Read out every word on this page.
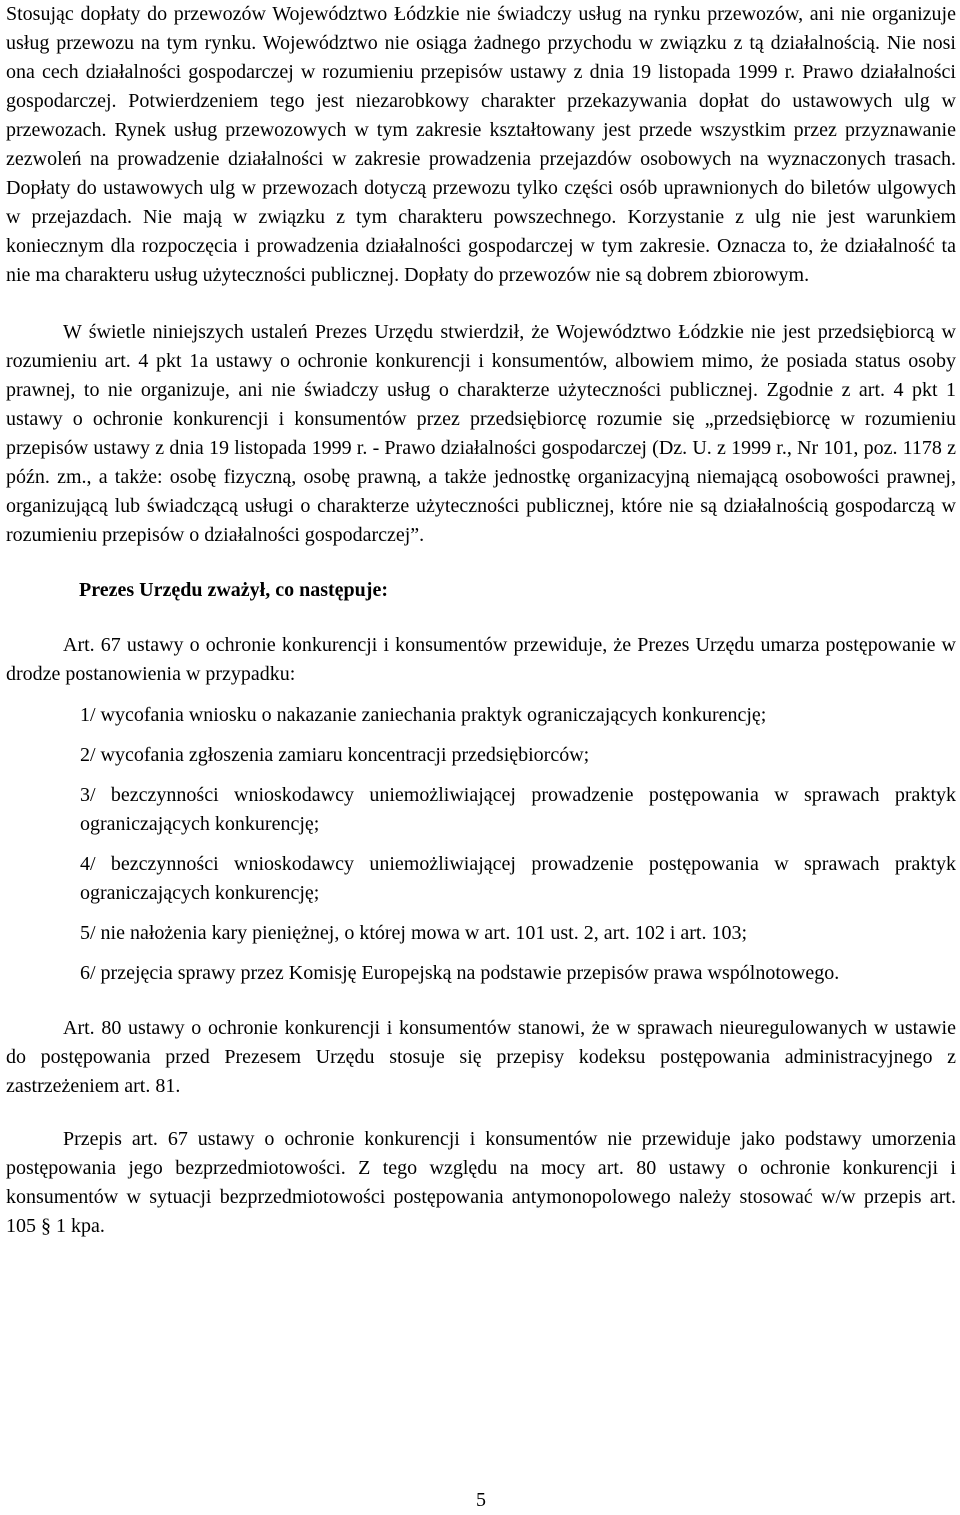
Stosując dopłaty do przewozów Województwo Łódzkie nie świadczy usług na rynku przewozów, ani nie organizuje usług przewozu na tym rynku. Województwo nie osiąga żadnego przychodu w związku z tą działalnością. Nie nosi ona cech działalności gospodarczej w rozumieniu przepisów ustawy z dnia 19 listopada 1999 r. Prawo działalności gospodarczej. Potwierdzeniem tego jest niezarobkowy charakter przekazywania dopłat do ustawowych ulg w przewozach. Rynek usług przewozowych w tym zakresie kształtowany jest przede wszystkim przez przyznawanie zezwoleń na prowadzenie działalności w zakresie prowadzenia przejazdów osobowych na wyznaczonych trasach. Dopłaty do ustawowych ulg w przewozach dotyczą przewozu tylko części osób uprawnionych do biletów ulgowych w przejazdach. Nie mają w związku z tym charakteru powszechnego. Korzystanie z ulg nie jest warunkiem koniecznym dla rozpoczęcia i prowadzenia działalności gospodarczej w tym zakresie. Oznacza to, że działalność ta nie ma charakteru usług użyteczności publicznej. Dopłaty do przewozów nie są dobrem zbiorowym.

W świetle niniejszych ustaleń Prezes Urzędu stwierdził, że Województwo Łódzkie nie jest przedsiębiorcą w rozumieniu art. 4 pkt 1a ustawy o ochronie konkurencji i konsumentów, albowiem mimo, że posiada status osoby prawnej, to nie organizuje, ani nie świadczy usług o charakterze użyteczności publicznej. Zgodnie z art. 4 pkt 1 ustawy o ochronie konkurencji i konsumentów przez przedsiębiorcę rozumie się „przedsiębiorcę w rozumieniu przepisów ustawy z dnia 19 listopada 1999 r. - Prawo działalności gospodarczej (Dz. U. z 1999 r., Nr 101, poz. 1178 z późn. zm., a także: osobę fizyczną, osobę prawną, a także jednostkę organizacyjną niemającą osobowości prawnej, organizującą lub świadczącą usługi o charakterze użyteczności publicznej, które nie są działalnością gospodarczą w rozumieniu przepisów o działalności gospodarczej”.

Prezes Urzędu zważył, co następuje:

Art. 67 ustawy o ochronie konkurencji i konsumentów przewiduje, że Prezes Urzędu umarza postępowanie w drodze postanowienia w przypadku:

1/ wycofania wniosku o nakazanie zaniechania praktyk ograniczających konkurencję;
2/ wycofania zgłoszenia zamiaru koncentracji przedsiębiorców;
3/ bezczynności wnioskodawcy uniemożliwiającej prowadzenie postępowania w sprawach praktyk ograniczających konkurencję;
4/ bezczynności wnioskodawcy uniemożliwiającej prowadzenie postępowania w sprawach praktyk ograniczających konkurencję;
5/ nie nałożenia kary pieniężnej, o której mowa w art. 101 ust. 2, art. 102 i art. 103;
6/ przejęcia sprawy przez Komisję Europejską na podstawie przepisów prawa wspólnotowego.

Art. 80 ustawy o ochronie konkurencji i konsumentów stanowi, że w sprawach nieuregulowanych w ustawie do postępowania przed Prezesem Urzędu stosuje się przepisy kodeksu postępowania administracyjnego z zastrzeżeniem art. 81.

Przepis art. 67 ustawy o ochronie konkurencji i konsumentów nie przewiduje jako podstawy umorzenia postępowania jego bezprzedmiotowości. Z tego względu na mocy art. 80 ustawy o ochronie konkurencji i konsumentów w sytuacji bezprzedmiotowości postępowania antymonopolowego należy stosować w/w przepis art. 105 § 1 kpa.

5
